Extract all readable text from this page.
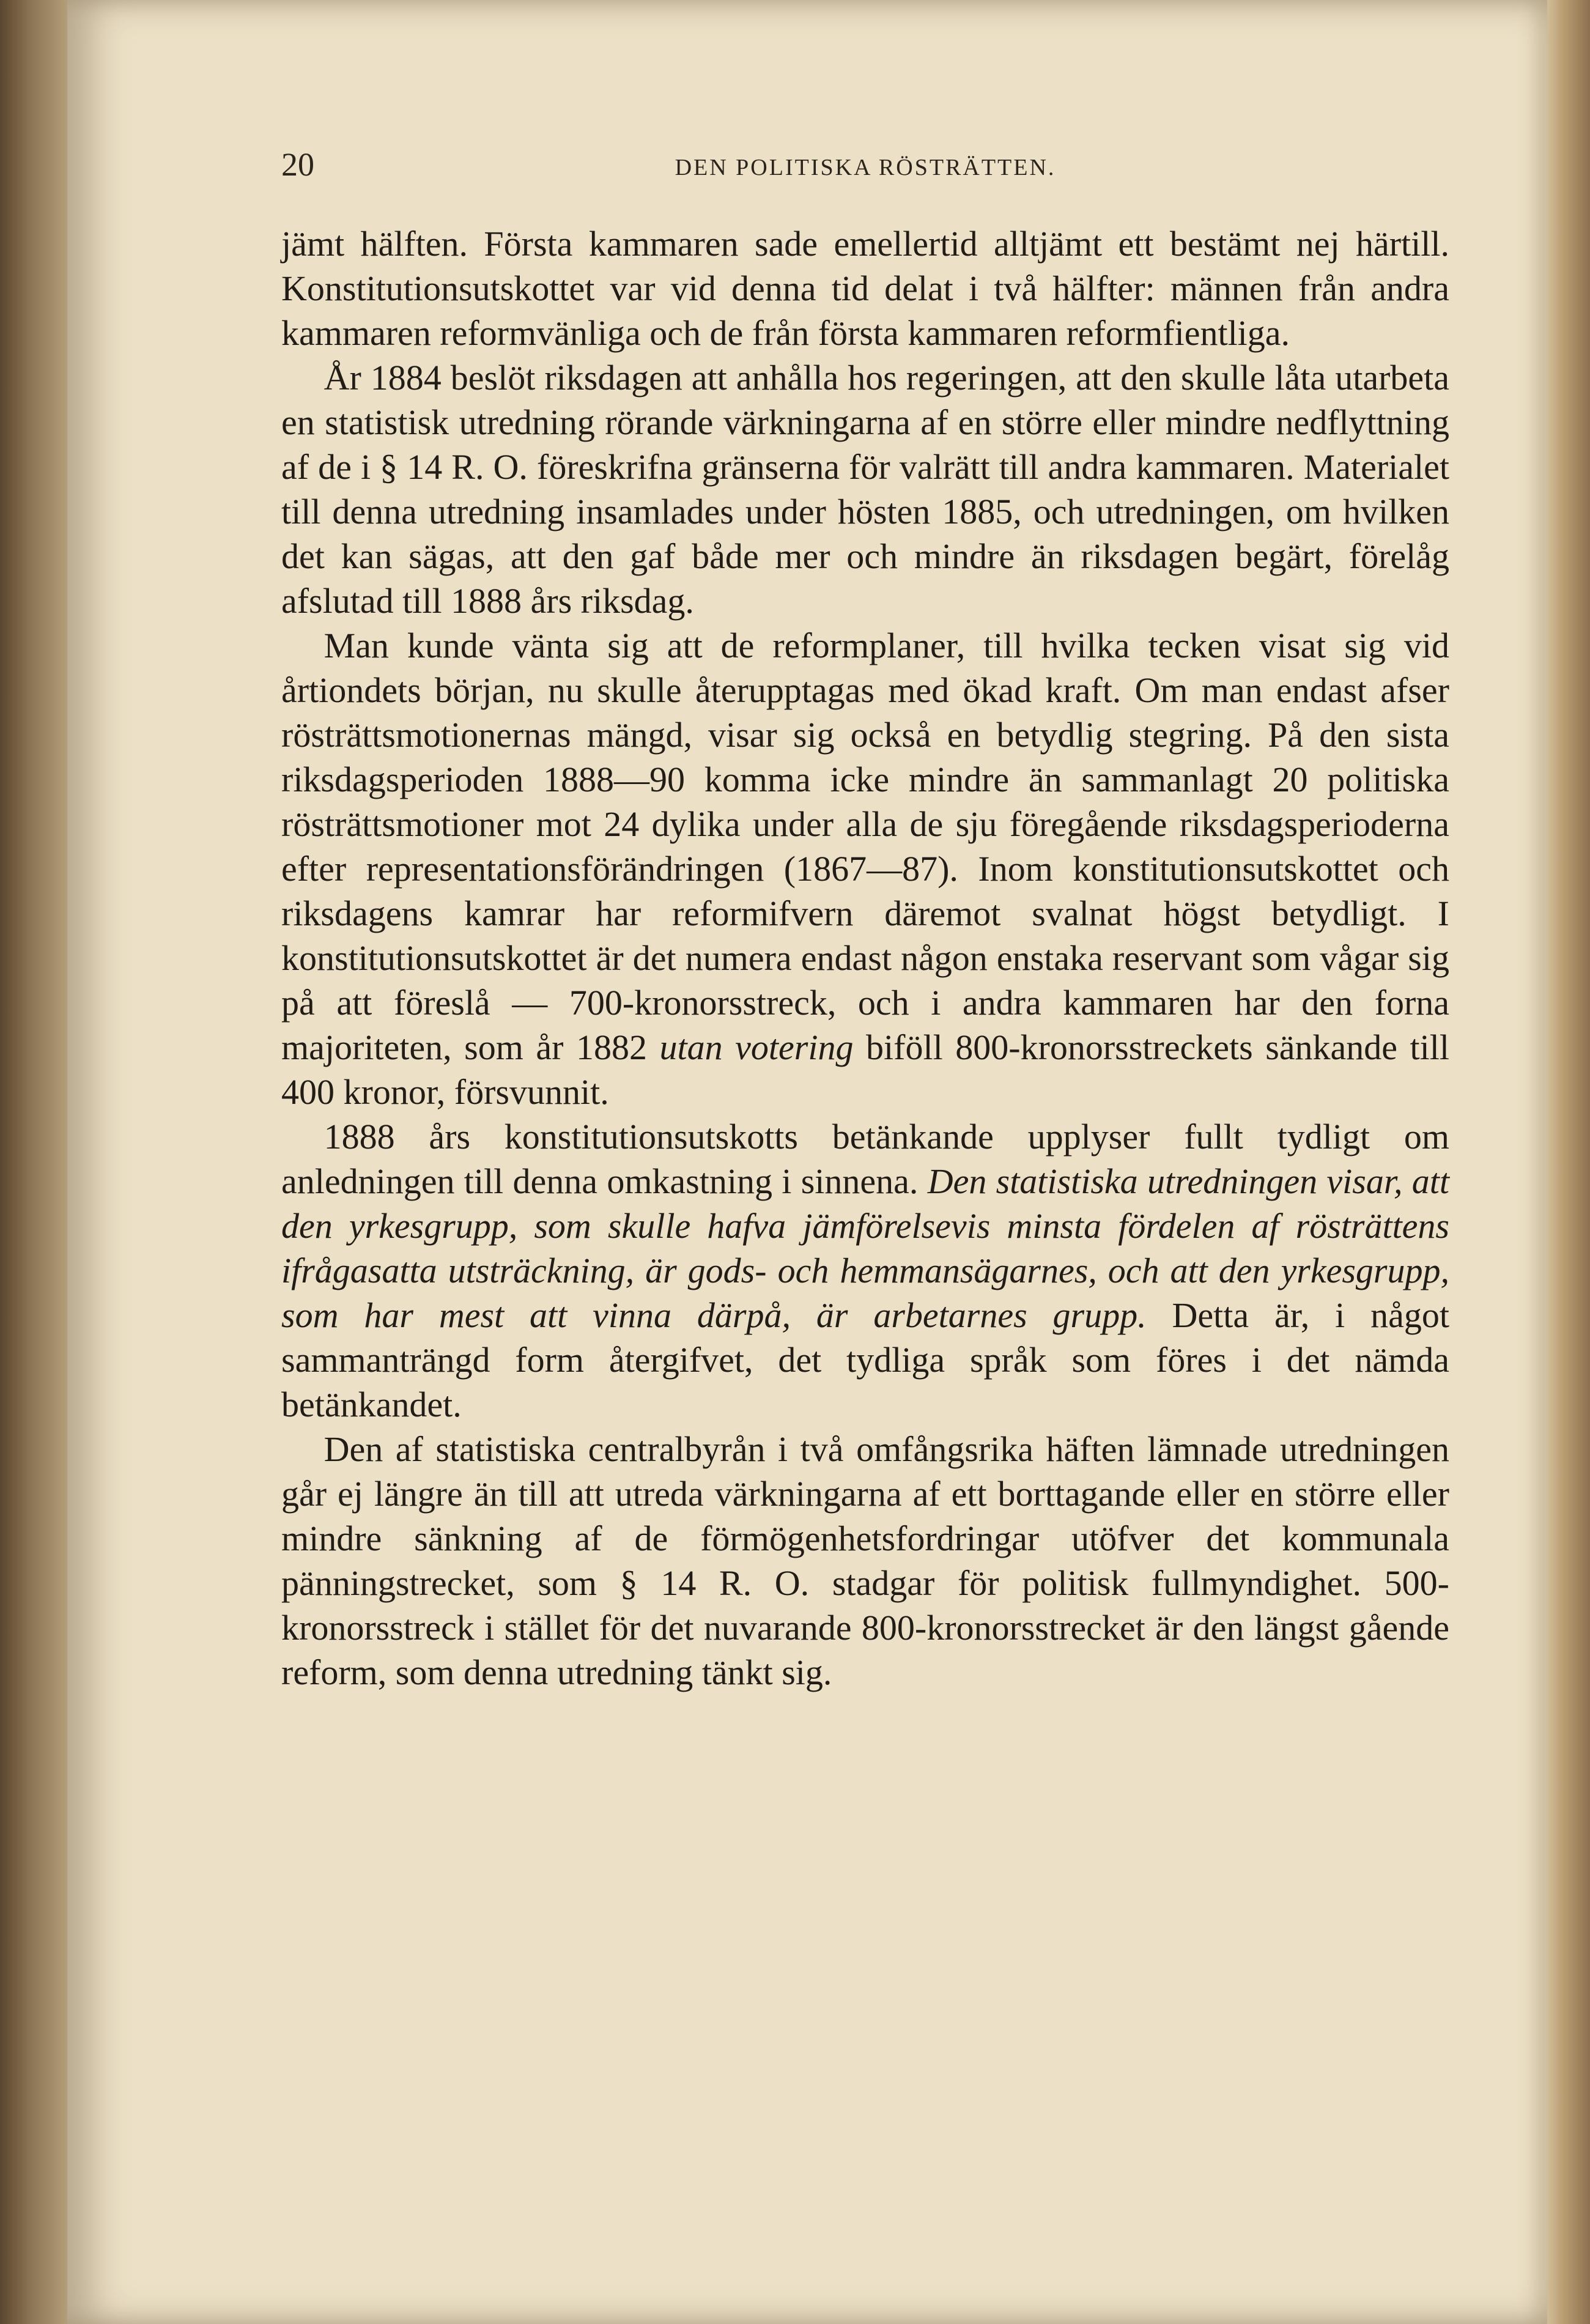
20	DEN POLITISKA RÖSTRÄTTEN.

jämt hälften. Första kammaren sade emellertid alltjämt ett bestämt nej härtill. Konstitutionsutskottet var vid denna tid delat i två hälfter: männen från andra kammaren reformvänliga och de från första kammaren reformfientliga.

År 1884 beslöt riksdagen att anhålla hos regeringen, att den skulle låta utarbeta en statistisk utredning rörande värkningarna af en större eller mindre nedflyttning af de i § 14 R. O. föreskrifna gränserna för valrätt till andra kammaren. Materialet till denna utredning insamlades under hösten 1885, och utredningen, om hvilken det kan sägas, att den gaf både mer och mindre än riksdagen begärt, förelåg afslutad till 1888 års riksdag.

Man kunde vänta sig att de reformplaner, till hvilka tecken visat sig vid årtiondets början, nu skulle återupptagas med ökad kraft. Om man endast afser rösträttsmotionernas mängd, visar sig också en betydlig stegring. På den sista riksdagsperioden 1888—90 komma icke mindre än sammanlagt 20 politiska rösträttsmotioner mot 24 dylika under alla de sju föregående riksdagsperioderna efter representationsförändringen (1867—87). Inom konstitutionsutskottet och riksdagens kamrar har reformifvern däremot svalnat högst betydligt. I konstitutionsutskottet är det numera endast någon enstaka reservant som vågar sig på att föreslå — 700-kronorsstreck, och i andra kammaren har den forna majoriteten, som år 1882 utan votering biföll 800-kronorsstreckets sänkande till 400 kronor, försvunnit.

1888 års konstitutionsutskotts betänkande upplyser fullt tydligt om anledningen till denna omkastning i sinnena. Den statistiska utredningen visar, att den yrkesgrupp, som skulle hafva jämförelsevis minsta fördelen af rösträttens ifrågasatta utsträckning, är gods- och hemmansägarnes, och att den yrkesgrupp, som har mest att vinna därpå, är arbetarnes grupp. Detta är, i något sammanträngd form återgifvet, det tydliga språk som föres i det nämda betänkandet.

Den af statistiska centralbyrån i två omfångsrika häften lämnade utredningen går ej längre än till att utreda värkningarna af ett borttagande eller en större eller mindre sänkning af de förmögenhetsfordringar utöfver det kommunala pänningstrecket, som § 14 R. O. stadgar för politisk fullmyndighet. 500-kronorsstreck i stället för det nuvarande 800-kronorsstrecket är den längst gående reform, som denna utredning tänkt sig.
